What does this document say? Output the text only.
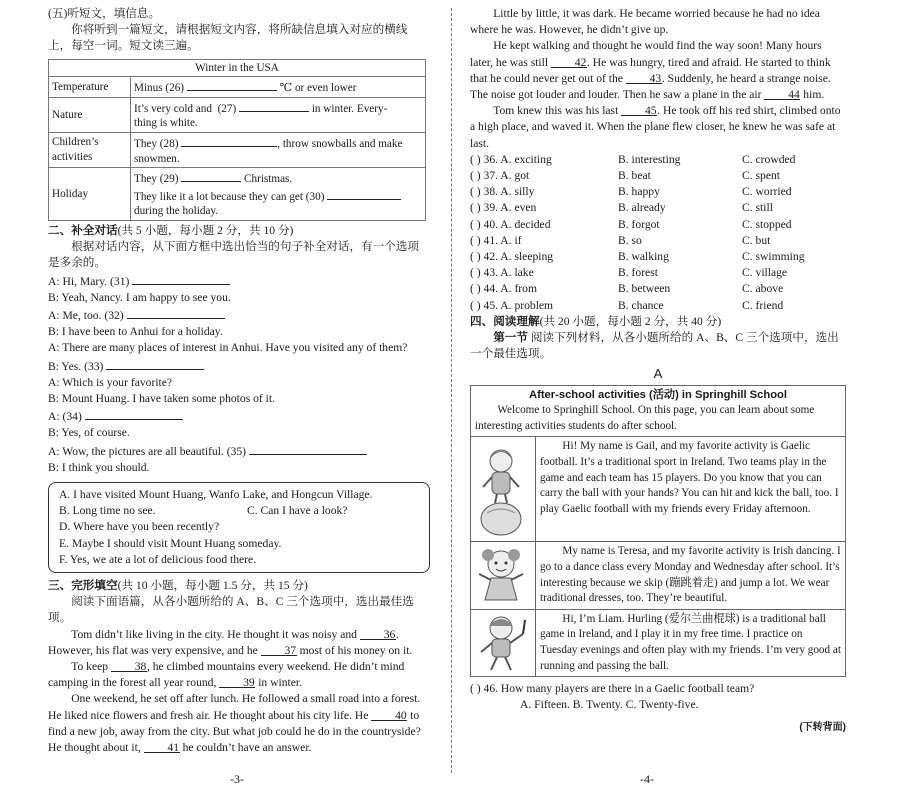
(五)听短文，填信息。

你将听到一篇短文，请根据短文内容，将所缺信息填入对应的横线上，每空一词。短文读三遍。

Winter in the USA	
Temperature	Minus (26) ℃ or even lower
Nature	It’s very cold and (27) in winter. Every-
thing is white.
Children’s activities	They (28) , throw snowballs and make
snowmen.
Holiday	They (29) Christmas.
They like it a lot because they can get (30)
during the holiday.

二、补全对话(共 5 小题，每小题 2 分，共 10 分)

根据对话内容，从下面方框中选出恰当的句子补全对话，有一个选项是多余的。

A: Hi, Mary. (31)

B: Yeah, Nancy. I am happy to see you.

A: Me, too. (32)

B: I have been to Anhui for a holiday.

A: There are many places of interest in Anhui. Have you visited any of them?

B: Yes. (33)

A: Which is your favorite?

B: Mount Huang. I have taken some photos of it.

A: (34)

B: Yes, of course.

A: Wow, the pictures are all beautiful. (35)

B: I think you should.

A. I have visited Mount Huang, Wanfo Lake, and Hongcun Village.

B. Long time no see.	C. Can I have a look?

D. Where have you been recently?

E. Maybe I should visit Mount Huang someday.

F. Yes, we ate a lot of delicious food there.

三、完形填空(共 10 小题，每小题 1.5 分，共 15 分)

阅读下面语篇，从各小题所给的 A、B、C 三个选项中，选出最佳选项。

Tom didn’t like living in the city. He thought it was noisy and 36. However, his flat was very expensive, and he 37 most of his money on it.

To keep 38, he climbed mountains every weekend. He didn’t mind camping in the forest all year round, 39 in winter.

One weekend, he set off after lunch. He followed a small road into a forest. He liked nice flowers and fresh air. He thought about his city life. He 40 to find a new job, away from the city. But what job could he do in the countryside? He thought about it, 41 he couldn’t have an answer.

-3-

Little by little, it was dark. He became worried because he had no idea where he was. However, he didn’t give up.

He kept walking and thought he would find the way soon! Many hours later, he was still 42. He was hungry, tired and afraid. He started to think that he could never get out of the 43. Suddenly, he heard a strange noise. The noise got louder and louder. Then he saw a plane in the air 44 him.

Tom knew this was his last 45. He took off his red shirt, climbed onto a high place, and waved it. When the plane flew closer, he knew he was safe at last.

( ) 36. A. exciting	B. interesting	C. crowded
( ) 37. A. got	B. beat	C. spent
( ) 38. A. silly	B. happy	C. worried
( ) 39. A. even	B. already	C. still
( ) 40. A. decided	B. forgot	C. stopped
( ) 41. A. if	B. so	C. but
( ) 42. A. sleeping	B. walking	C. swimming
( ) 43. A. lake	B. forest	C. village
( ) 44. A. from	B. between	C. above
( ) 45. A. problem	B. chance	C. friend

四、阅读理解(共 20 小题，每小题 2 分，共 40 分)

第一节 阅读下列材料，从各小题所给的 A、B、C 三个选项中，选出一个最佳选项。

A
After-school activities (活动) in Springhill School
Welcome to Springhill School. On this page, you can learn about some interesting activities students do after school.	

	Hi! My name is Gail, and my favorite activity is Gaelic football. It’s a traditional sport in Ireland. Two teams play in the game and each team has 15 players. Do you know that you can carry the ball with your hands? You can hit and kick the ball, too. I play Gaelic football with my friends every Friday afternoon.

	My name is Teresa, and my favorite activity is Irish dancing. I go to a dance class every Monday and Wednesday after school. It’s interesting because we skip (蹦跳着走) and jump a lot. We wear traditional dresses, too. They’re beautiful.

	Hi, I’m Liam. Hurling (爱尔兰曲棍球) is a traditional ball game in Ireland, and I play it in my free time. I practice on Tuesday evenings and often play with my friends. I’m very good at running and passing the ball.

( ) 46. How many players are there in a Gaelic football team?

A. Fifteen. B. Twenty. C. Twenty-five.

(下转背面)
-4-
